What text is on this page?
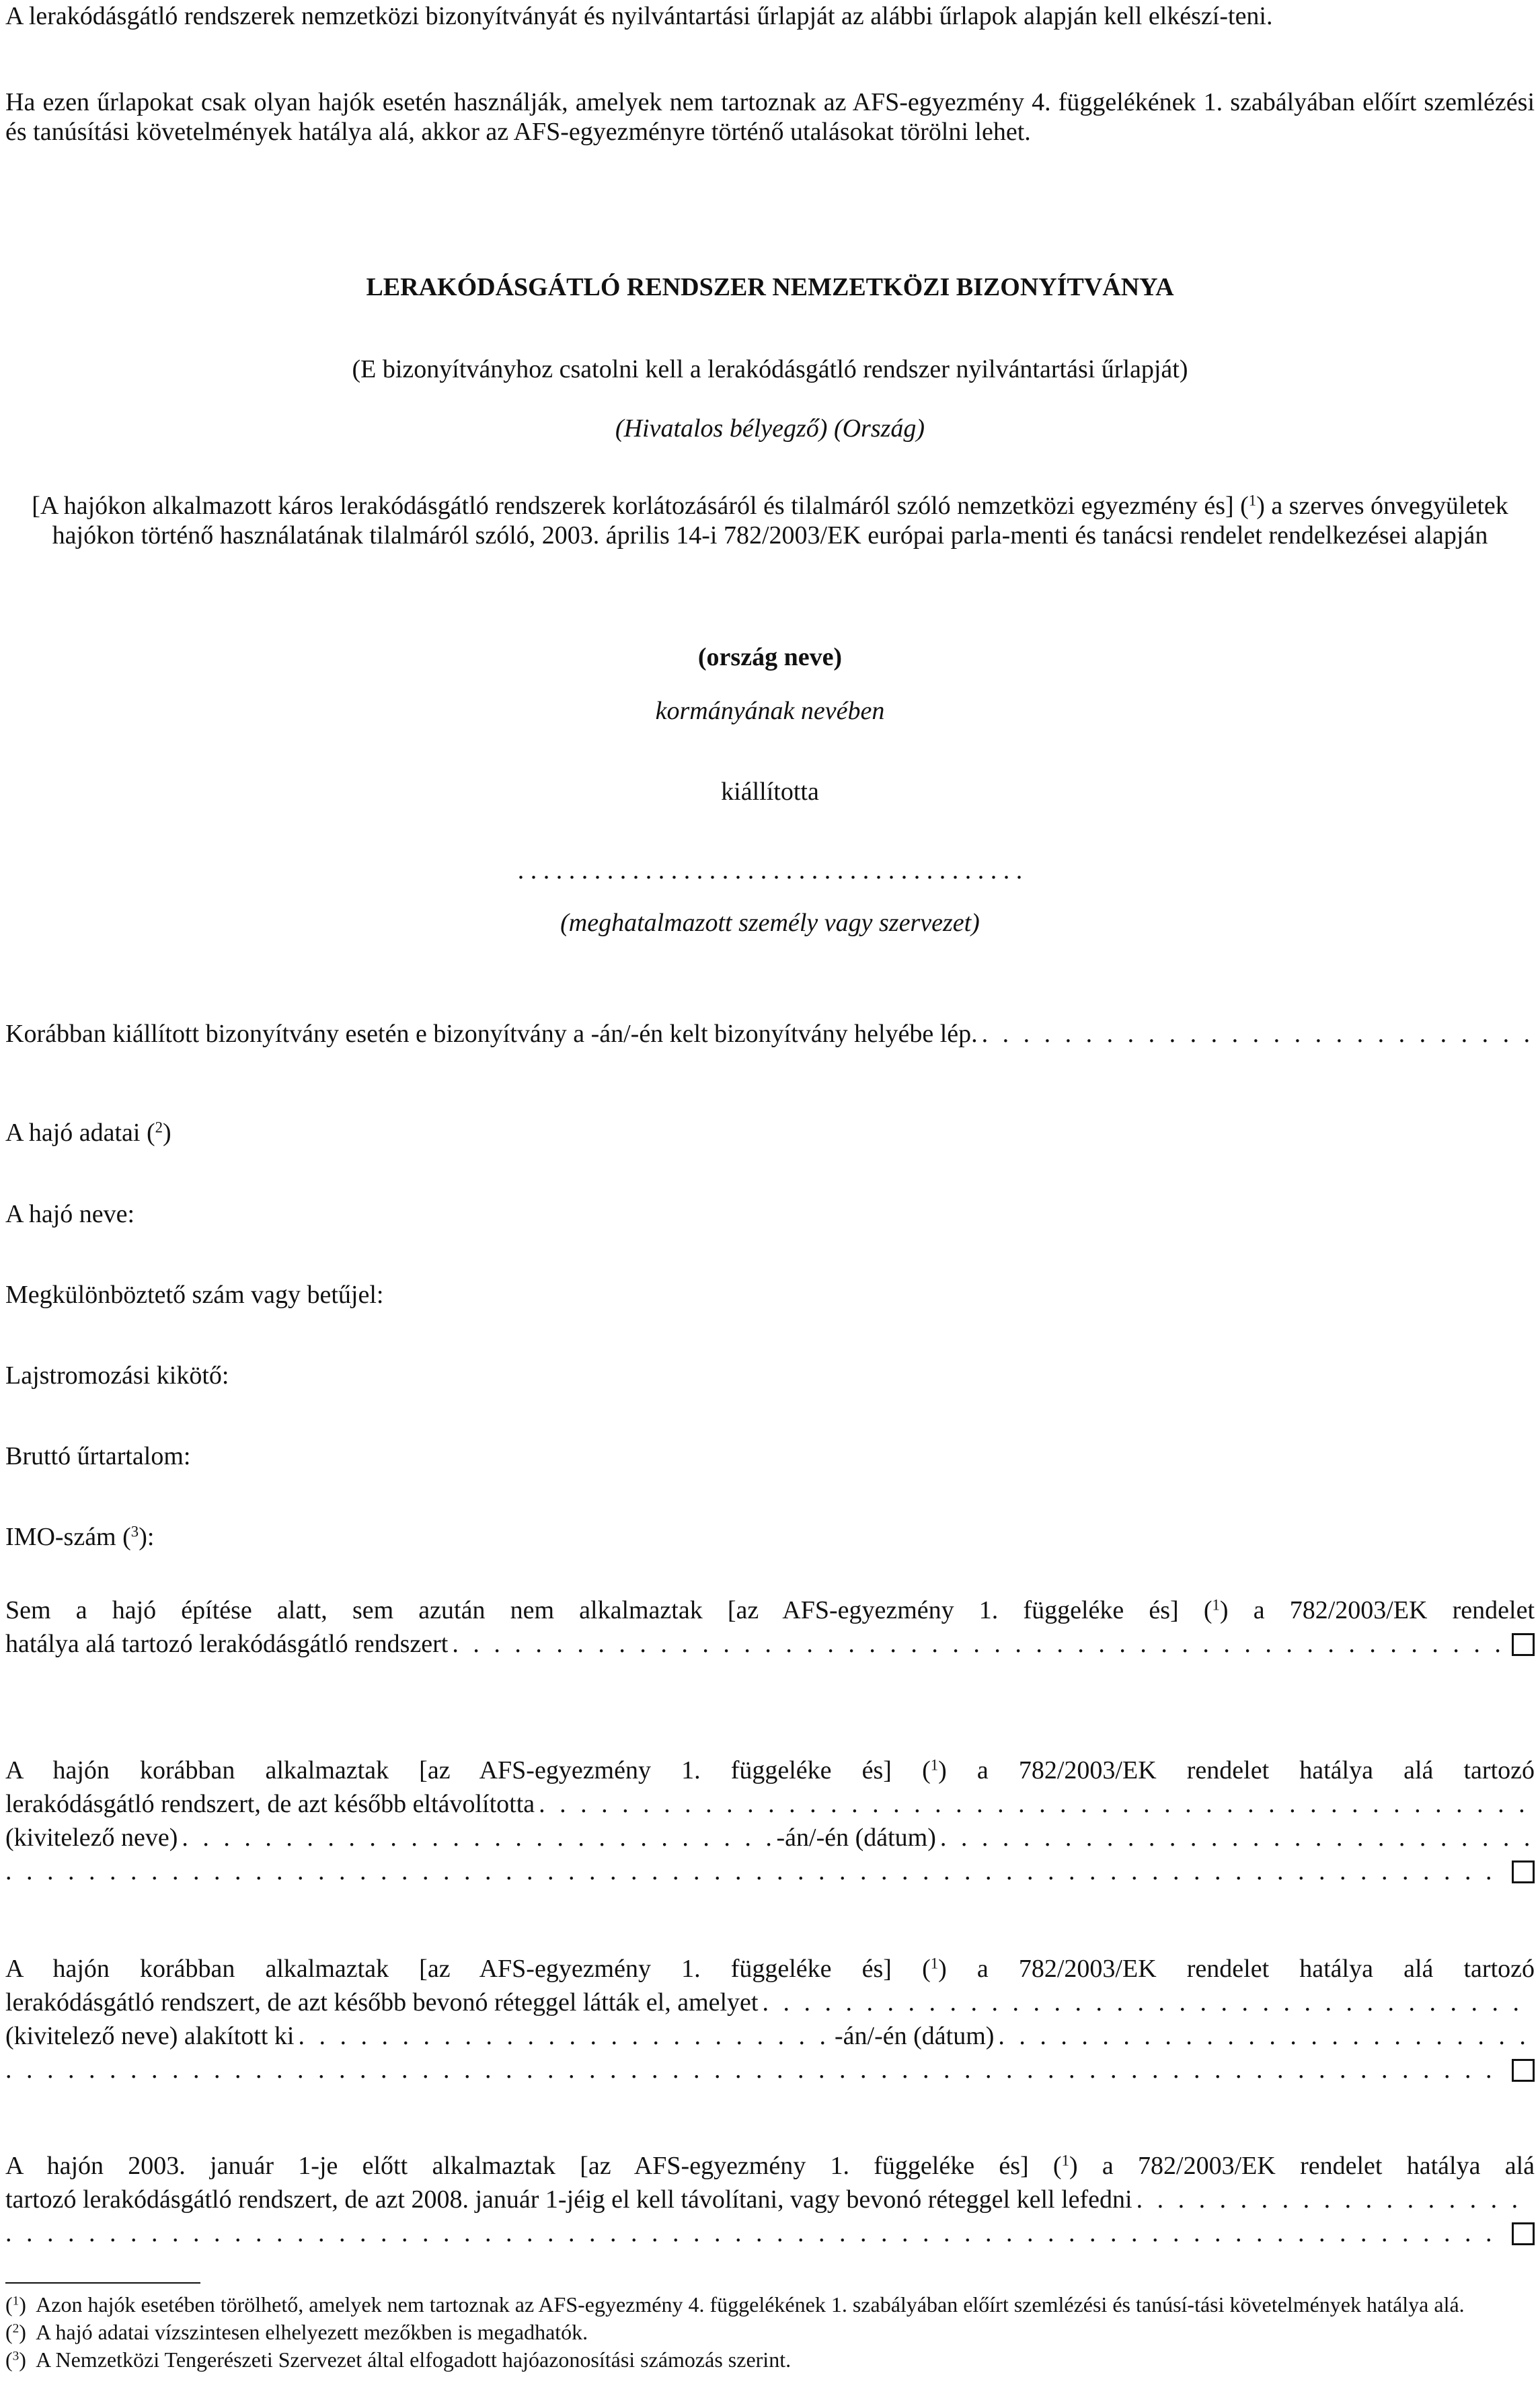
A lerakódásgátló rendszerek nemzetközi bizonyítványát és nyilvántartási űrlapját az alábbi űrlapok alapján kell elkészí-teni.

Ha ezen űrlapokat csak olyan hajók esetén használják, amelyek nem tartoznak az AFS-egyezmény 4. függelékének 1. szabályában előírt szemlézési és tanúsítási követelmények hatálya alá, akkor az AFS-egyezményre történő utalásokat törölni lehet.

LERAKÓDÁSGÁTLÓ RENDSZER NEMZETKÖZI BIZONYÍTVÁNYA

(E bizonyítványhoz csatolni kell a lerakódásgátló rendszer nyilvántartási űrlapját)

(Hivatalos bélyegző) (Ország)

[A hajókon alkalmazott káros lerakódásgátló rendszerek korlátozásáról és tilalmáról szóló nemzetközi egyezmény és] ($^1$) a szerves ónvegyületek hajókon történő használatának tilalmáról szóló, 2003. április 14-i 782/2003/EK európai parla-menti és tanácsi rendelet rendelkezései alapján

(ország neve)

kormányának nevében

kiállította

. . . . . . . . . . . . . . . . . . . . . . . . . . . . . . . . . . . . . . . .

(meghatalmazott személy vagy szervezet)

Korábban kiállított bizonyítvány esetén e bizonyítvány a -án/-én kelt bizonyítvány helyébe lép.
. . .

A hajó adatai ($^2$)

A hajó neve:

Megkülönböztető szám vagy betűjel:

Lajstromozási kikötő:

Bruttó űrtartalom:

IMO-szám ($^3$):

Sem a hajó építése alatt, sem azután nem alkalmaztak [az AFS-egyezmény 1. függeléke és] ($^1$) a 782/2003/EK rendelet

hatálya alá tartozó lerakódásgátló rendszert
. . .

A hajón korábban alkalmaztak [az AFS-egyezmény 1. függeléke és] ($^1$) a 782/2003/EK rendelet hatálya alá tartozó

lerakódásgátló rendszert, de azt később eltávolította
. . .
(kivitelező neve) . . .	-án/-én (dátum)
. . .
. . .

A hajón korábban alkalmaztak [az AFS-egyezmény 1. függeléke és] ($^1$) a 782/2003/EK rendelet hatálya alá tartozó

lerakódásgátló rendszert, de azt később bevonó réteggel látták el, amelyet
. . .
(kivitelező neve) alakított ki . . .	-án/-én (dátum)
. . .
. . .

A hajón 2003. január 1-je előtt alkalmaztak [az AFS-egyezmény 1. függeléke és] ($^1$) a 782/2003/EK rendelet hatálya alá

tartozó lerakódásgátló rendszert, de azt 2008. január 1-jéig el kell távolítani, vagy bevonó réteggel kell lefedni
. . .
. . .

($^1$)  Azon hajók esetében törölhető, amelyek nem tartoznak az AFS-egyezmény 4. függelékének 1. szabályában előírt szemlézési és tanúsí-tási követelmények hatálya alá.

($^2$)  A hajó adatai vízszintesen elhelyezett mezőkben is megadhatók.

($^3$)  A Nemzetközi Tengerészeti Szervezet által elfogadott hajóazonosítási számozás szerint.
